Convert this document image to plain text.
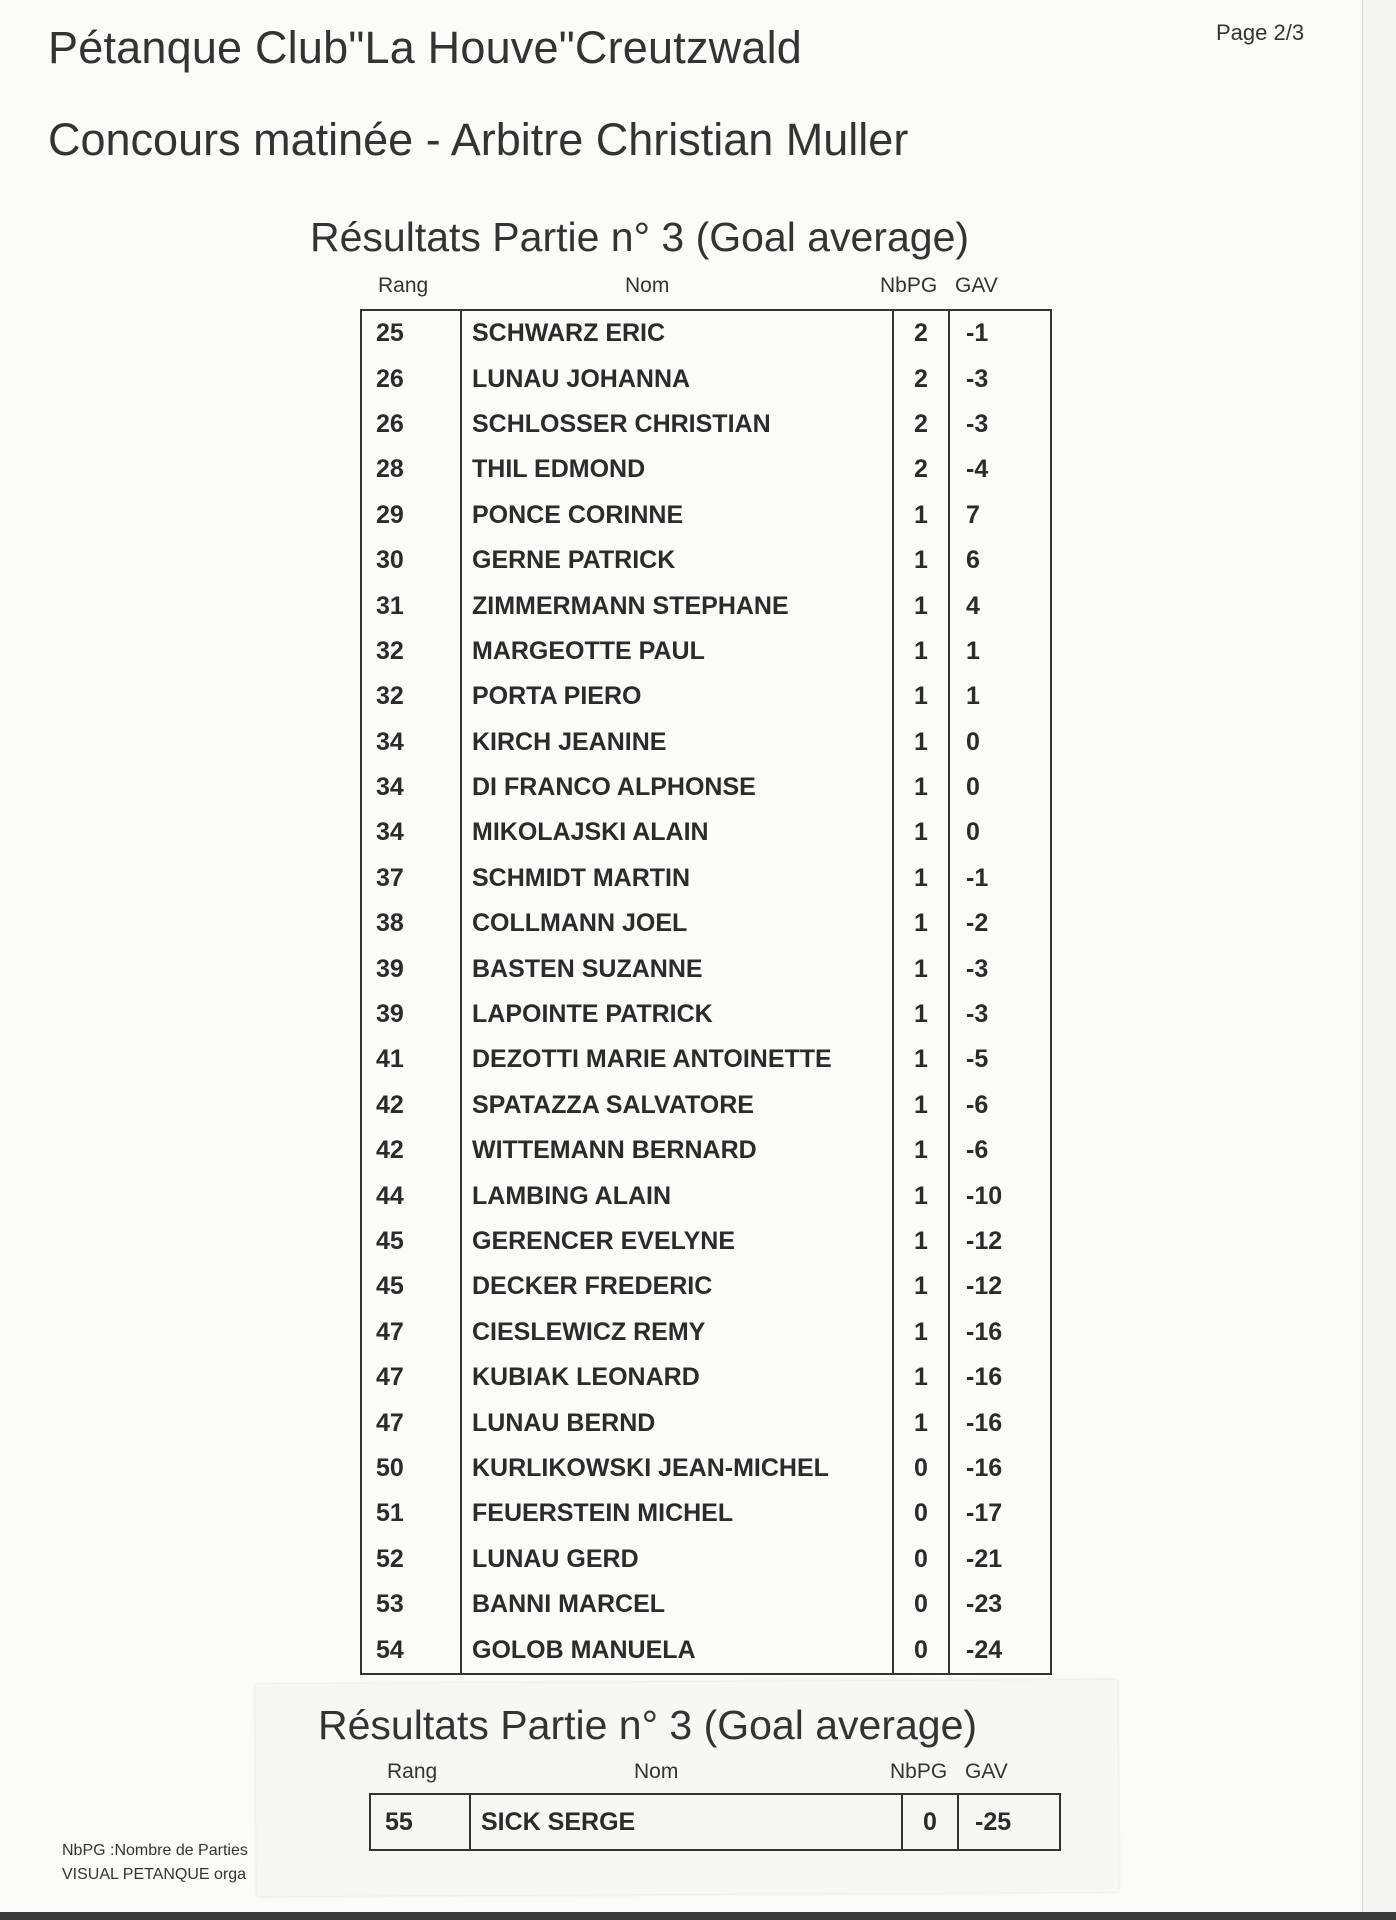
Pétanque Club"La Houve"Creutzwald	Page 2/3
Concours matinée - Arbitre Christian Muller
Résultats Partie n° 3 (Goal average)
Rang	Nom	NbPG GAV
25	SCHWARZ ERIC	2	-1
26	LUNAU JOHANNA	2	-3
26	SCHLOSSER CHRISTIAN	2	-3
28	THIL EDMOND	2	-4
29	PONCE CORINNE	1	7
30	GERNE PATRICK	1	6
31	ZIMMERMANN STEPHANE	1	4
32	MARGEOTTE PAUL	1	1
32	PORTA PIERO	1	1
34	KIRCH JEANINE	1	0
34	DI FRANCO ALPHONSE	1	0
34	MIKOLAJSKI ALAIN	1	0
37	SCHMIDT MARTIN	1	-1
38	COLLMANN JOEL	1	-2
39	BASTEN SUZANNE	1	-3
39	LAPOINTE PATRICK	1	-3
41	DEZOTTI MARIE ANTOINETTE	1	-5
42	SPATAZZA SALVATORE	1	-6
42	WITTEMANN BERNARD	1	-6
44	LAMBING ALAIN	1	-10
45	GERENCER EVELYNE	1	-12
45	DECKER FREDERIC	1	-12
47	CIESLEWICZ REMY	1	-16
47	KUBIAK LEONARD	1	-16
47	LUNAU BERND	1	-16
50	KURLIKOWSKI JEAN-MICHEL	0	-16
51	FEUERSTEIN MICHEL	0	-17
52	LUNAU GERD	0	-21
53	BANNI MARCEL	0	-23
54	GOLOB MANUELA	0	-24
Résultats Partie n° 3 (Goal average)
Rang	Nom	NbPG GAV
55	SICK SERGE	0	-25
NbPG :Nombre de Parties
VISUAL PETANQUE orga
